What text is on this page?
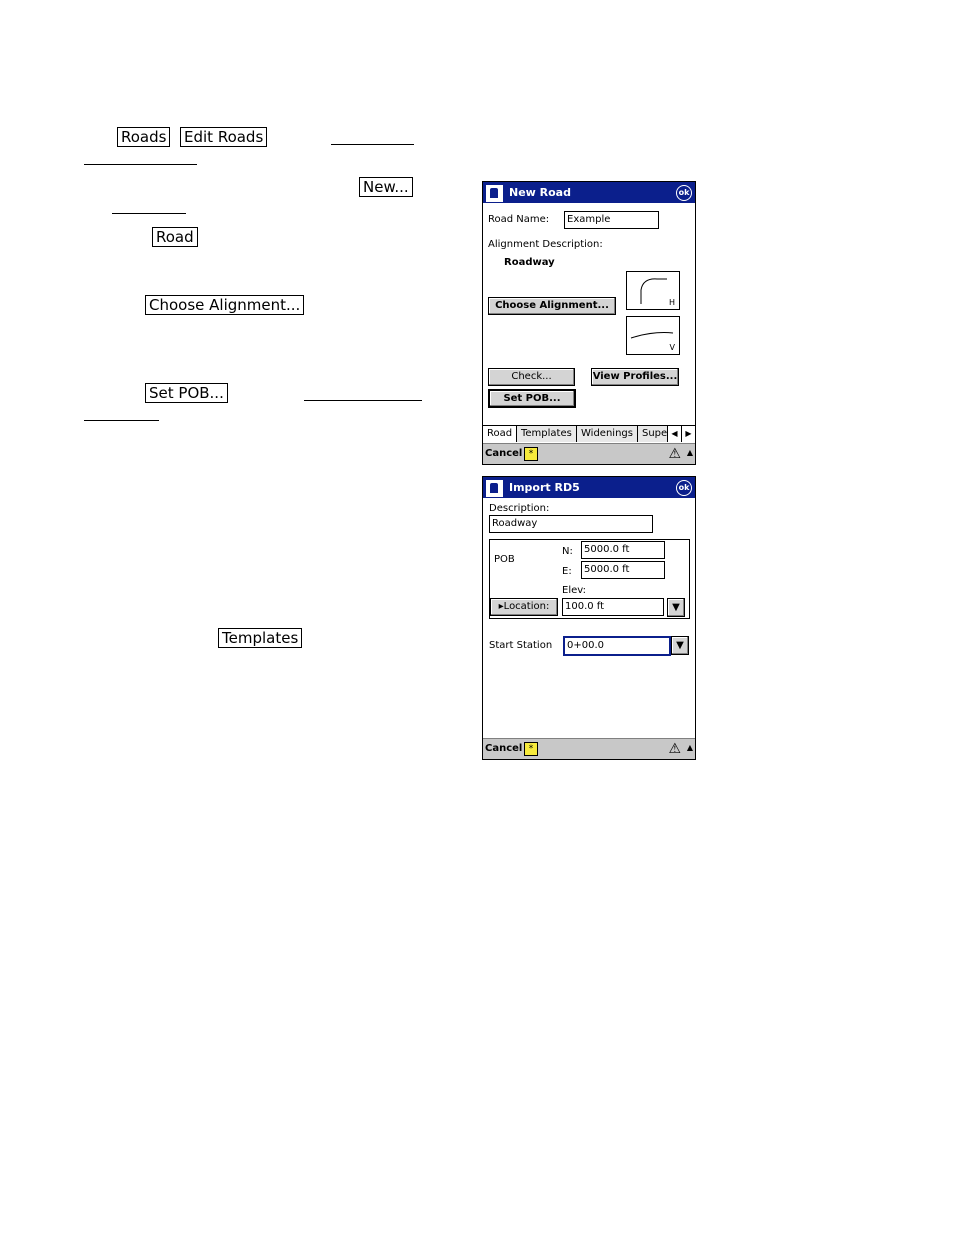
Roads Edit Roads
New...
Road
Choose Alignment...
Set POB...
Templates
New Road	ok
Road Name:	Example
Alignment Description:
Roadway
Choose Alignment...	H
V
Check...	View Profiles...
Set POB...
Road Templates Widenings Supe ◀ ▶
Cancel *	⚠ ▲
Import RD5	ok
Description:
Roadway
POB
N:	5000.0 ft
E:	5000.0 ft
Elev:
▸Location:	100.0 ft	▼
Start Station	0+00.0	▼
Cancel *	⚠ ▲
